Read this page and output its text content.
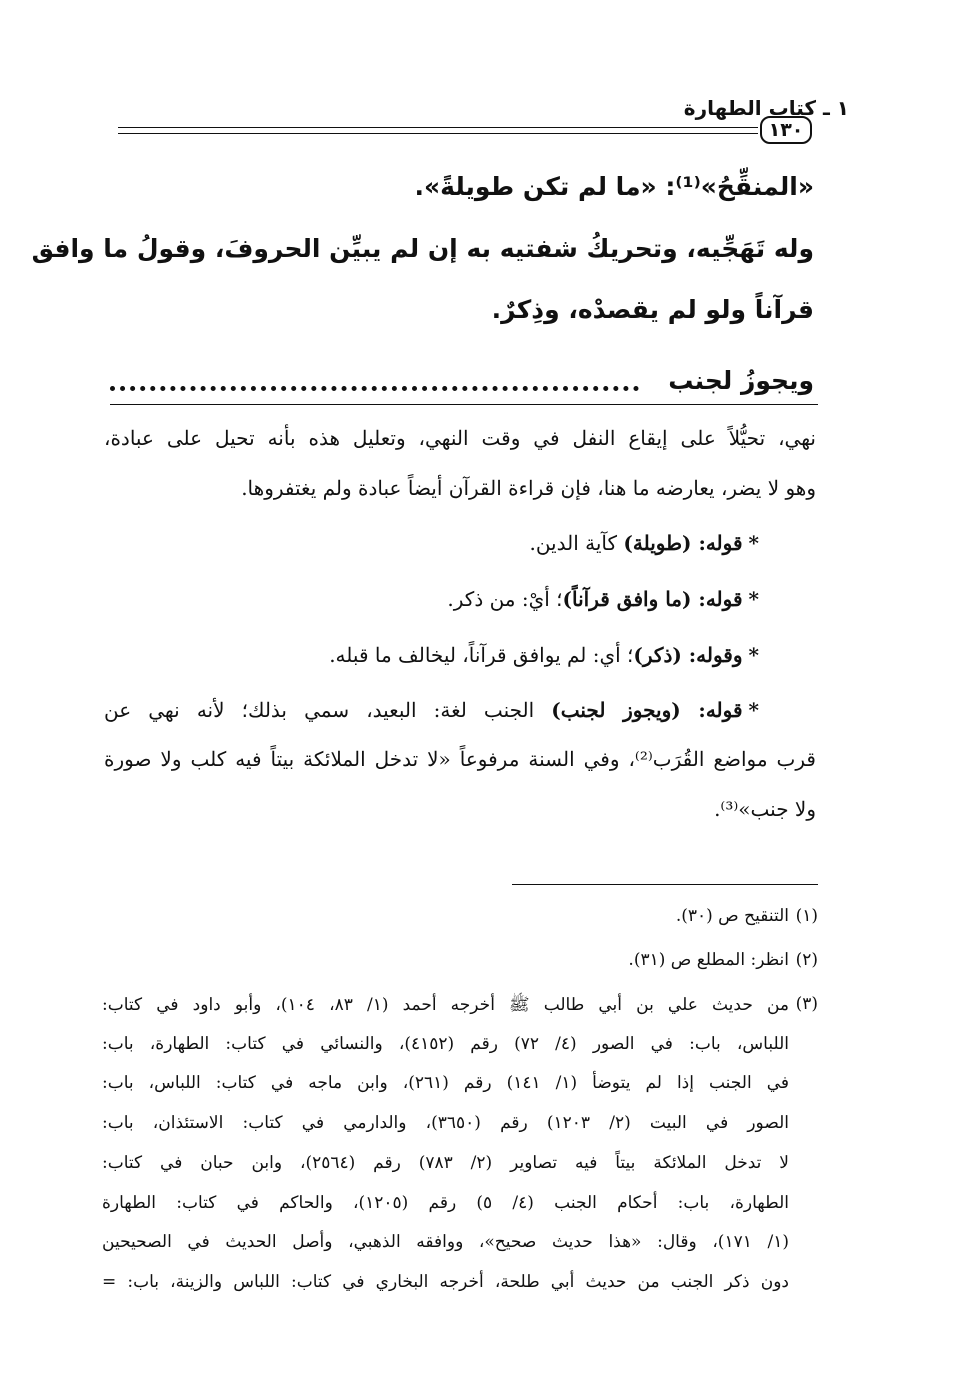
١ ـ كتاب الطهارة
١٣٠
«المنقِّحُ»⁽¹⁾: «ما لم تكن طويلةً».
وله تَهَجِّيه، وتحريكُ شفتيه به إن لم يبيِّن الحروفَ، وقولُ ما وافق
قرآناً ولو لم يقصدْه، وذِكرٌ.
ويجوزُ لجنب
نهي، تحيُّلاً على إيقاع النفل في وقت النهي، وتعليل هذه بأنه تحيل على عبادة،
وهو لا يضر، يعارضه ما هنا، فإن قراءة القرآن أيضاً عبادة ولم يغتفروها.
*قوله: (طويلة) كآية الدين.
*قوله: (ما وافق قرآناً)؛ أيْ: من ذكر.
*وقوله: (ذكر)؛ أي: لم يوافق قرآناً، ليخالف ما قبله.
*قوله: (ويجوز لجنب) الجنب لغة: البعيد، سمي بذلك؛ لأنه نهي عن
قرب مواضع القُرَب⁽²⁾، وفي السنة مرفوعاً «لا تدخل الملائكة بيتاً فيه كلب ولا صورة
ولا جنب»⁽³⁾.
(١)
التنقيح ص (٣٠).
(٢)
انظر: المطلع ص (٣١).
(٣)
من حديث علي بن أبي طالب ﷺ أخرجه أحمد (١/ ٨٣، ١٠٤)، وأبو داود في كتاب:
اللباس، باب: في الصور (٤/ ٧٢) رقم (٤١٥٢)، والنسائي في كتاب: الطهارة، باب:
في الجنب إذا لم يتوضأ (١/ ١٤١) رقم (٢٦١)، وابن ماجه في كتاب: اللباس، باب:
الصور في البيت (٢/ ١٢٠٣) رقم (٣٦٥٠)، والدارمي في كتاب: الاستئذان، باب:
لا تدخل الملائكة بيتاً فيه تصاوير (٢/ ٧٨٣) رقم (٢٥٦٤)، وابن حبان في كتاب:
الطهارة، باب: أحكام الجنب (٤/ ٥) رقم (١٢٠٥)، والحاكم في كتاب: الطهارة
(١/ ١٧١)، وقال: «هذا حديث صحيح»، ووافقه الذهبي، وأصل الحديث في الصحيحين
دون ذكر الجنب من حديث أبي طلحة، أخرجه البخاري في كتاب: اللباس والزينة، باب: =
